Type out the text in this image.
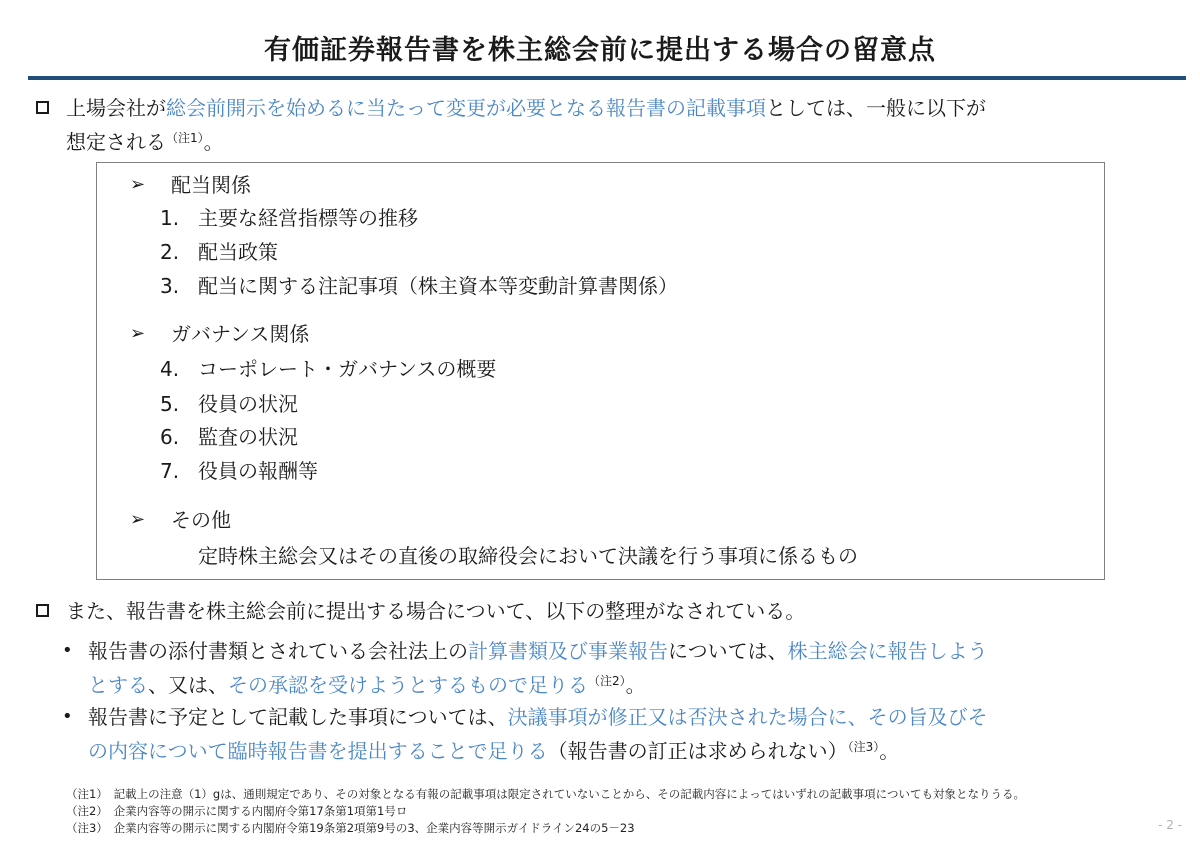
有価証券報告書を株主総会前に提出する場合の留意点
上場会社が総会前開示を始めるに当たって変更が必要となる報告書の記載事項としては、一般に以下が
想定される$^{(注1)}$。
➢ 配当関係
1. 主要な経営指標等の推移
2. 配当政策
3. 配当に関する注記事項（株主資本等変動計算書関係）
➢ ガバナンス関係
4. コーポレート・ガバナンスの概要
5. 役員の状況
6. 監査の状況
7. 役員の報酬等
➢ その他
定時株主総会又はその直後の取締役会において決議を行う事項に係るもの
また、報告書を株主総会前に提出する場合について、以下の整理がなされている。
• 報告書の添付書類とされている会社法上の計算書類及び事業報告については、株主総会に報告しよう
とする、又は、その承認を受けようとするもので足りる$^{(注2)}$。
• 報告書に予定として記載した事項については、決議事項が修正又は否決された場合に、その旨及びそ
の内容について臨時報告書を提出することで足りる（報告書の訂正は求められない）$^{(注3)}$。
（注1）　 記載上の注意（1）gは、通則規定であり、その対象となる有報の記載事項は限定されていないことから、その記載内容によってはいずれの記載事項についても対象となりうる。
（注2）　 企業内容等の開示に関する内閣府令第17条第1項第1号ロ
（注3）　 企業内容等の開示に関する内閣府令第19条第2項第9号の3、企業内容等開示ガイドライン24の5－23	- 2 -
